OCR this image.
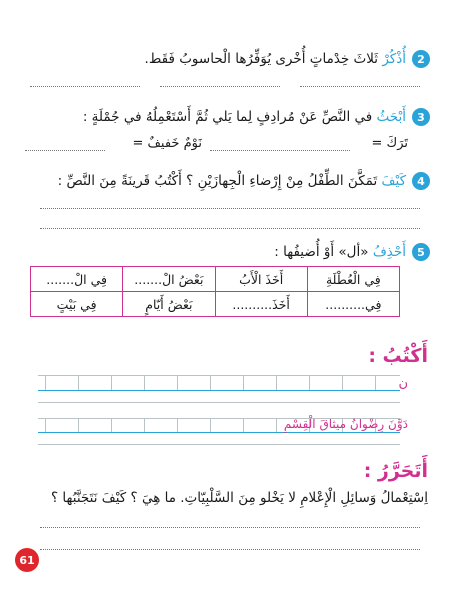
2
أُذْكُرْ ثَلاثَ خِدْماتٍ أُخْرى يُوَفِّرُها الْحاسوبُ فَقَط.
3
أَبْحَثُ في النَّصِّ عَنْ مُرادِفٍ لِما يَلي ثُمَّ أَسْتَعْمِلُهُ في جُمْلَةٍ :
تَرَكَ =
نَوْمٌ خَفيفٌ =
4
كَيْفَ تَمَكَّنَ الطِّفْلُ مِنْ إِرْضاءِ الْجِهازَيْنِ ؟ أَكْتُبُ قَرينَةً مِنَ النَّصِّ :
5
أَحْذِفُ «أل» أَوْ أُضيفُها :
فِي الْعُطْلَةِ	أَخَذَ الْأَبُ	بَعْضُ الْ.......	فِي الْ.......
فِي..........	أَخَذَ..........	بَعْضُ أَيّامٍ	فِي بَيْتٍ
أَكْتُبُ :
ن
دَوَّنَ رِضْوانُ ميثاقَ الْقِسْمِ
أَتَحَرَّرُ :
اِسْتِعْمالُ وَسائِلِ الْإِعْلامِ لا يَخْلو مِنَ السَّلْبِيّاتِ. ما هِيَ ؟ كَيْفَ نَتَجَنَّبُها ؟
61
